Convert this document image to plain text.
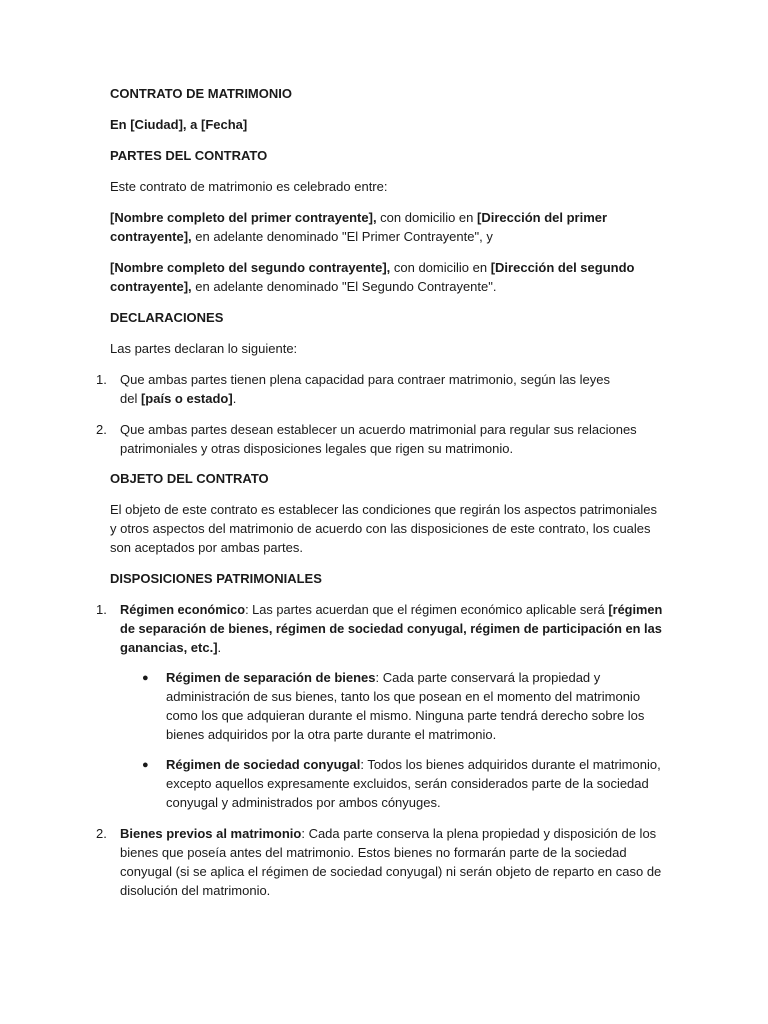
CONTRATO DE MATRIMONIO
En [Ciudad], a [Fecha]
PARTES DEL CONTRATO
Este contrato de matrimonio es celebrado entre:
[Nombre completo del primer contrayente], con domicilio en [Dirección del primer
contrayente], en adelante denominado "El Primer Contrayente", y
[Nombre completo del segundo contrayente], con domicilio en [Dirección del segundo
contrayente], en adelante denominado "El Segundo Contrayente".
DECLARACIONES
Las partes declaran lo siguiente:
1. Que ambas partes tienen plena capacidad para contraer matrimonio, según las leyes
del [país o estado].
2. Que ambas partes desean establecer un acuerdo matrimonial para regular sus relaciones
patrimoniales y otras disposiciones legales que rigen su matrimonio.
OBJETO DEL CONTRATO
El objeto de este contrato es establecer las condiciones que regirán los aspectos patrimoniales
y otros aspectos del matrimonio de acuerdo con las disposiciones de este contrato, los cuales
son aceptados por ambas partes.
DISPOSICIONES PATRIMONIALES
1. Régimen económico: Las partes acuerdan que el régimen económico aplicable será [régimen
de separación de bienes, régimen de sociedad conyugal, régimen de participación en las
ganancias, etc.].
● Régimen de separación de bienes: Cada parte conservará la propiedad y
administración de sus bienes, tanto los que posean en el momento del matrimonio
como los que adquieran durante el mismo. Ninguna parte tendrá derecho sobre los
bienes adquiridos por la otra parte durante el matrimonio.
● Régimen de sociedad conyugal: Todos los bienes adquiridos durante el matrimonio,
excepto aquellos expresamente excluidos, serán considerados parte de la sociedad
conyugal y administrados por ambos cónyuges.
2. Bienes previos al matrimonio: Cada parte conserva la plena propiedad y disposición de los
bienes que poseía antes del matrimonio. Estos bienes no formarán parte de la sociedad
conyugal (si se aplica el régimen de sociedad conyugal) ni serán objeto de reparto en caso de
disolución del matrimonio.
